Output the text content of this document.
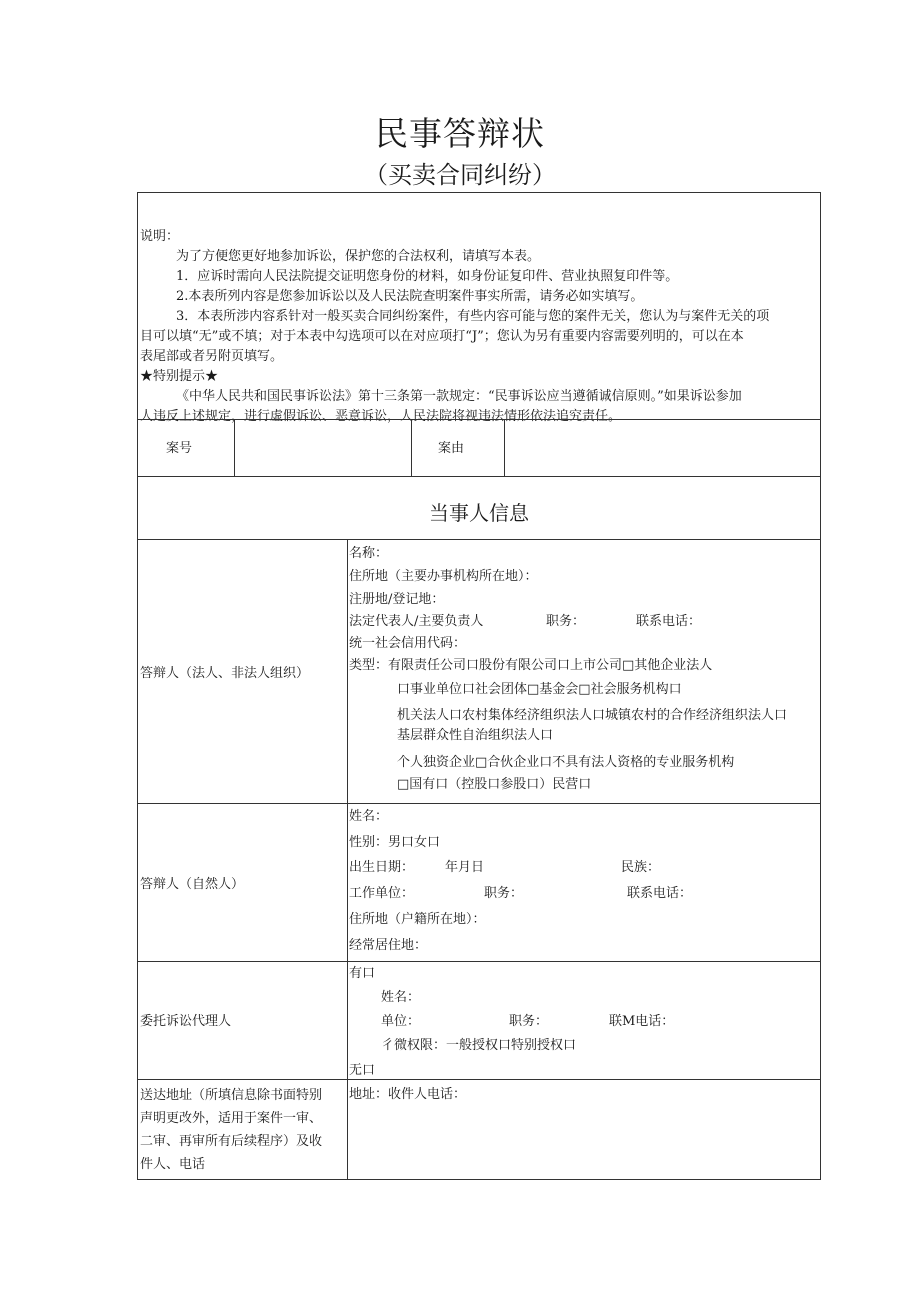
民事答辩状
（买卖合同纠纷）

说明：

为了方便您更好地参加诉讼，保护您的合法权利，请填写本表。

1．应诉时需向人民法院提交证明您身份的材料，如身份证复印件、营业执照复印件等。

2.本表所列内容是您参加诉讼以及人民法院查明案件事实所需，请务必如实填写。

3．本表所涉内容系针对一般买卖合同纠纷案件，有些内容可能与您的案件无关，您认为与案件无关的项

目可以填“无”或不填；对于本表中勾选项可以在对应项打“J”；您认为另有重要内容需要列明的，可以在本

表尾部或者另附页填写。

★特别提示★

《中华人民共和国民事诉讼法》第十三条第一款规定：“民事诉讼应当遵循诚信原则。”如果诉讼参加

人违反上述规定，进行虚假诉讼、恶意诉讼，人民法院将视违法情形依法追究责任。

案号	案由
当事人信息
答辩人（法人、非法人组织）
名称：
住所地（主要办事机构所在地）：
注册地/登记地：
法定代表人/主要负责人	职务：	联系电话：
统一社会信用代码：
类型：有限责任公司口股份有限公司口上市公司□其他企业法人
口事业单位口社会团体□基金会□社会服务机构口
机关法人口农村集体经济组织法人口城镇农村的合作经济组织法人口
基层群众性自治组织法人口
个人独资企业□合伙企业口不具有法人资格的专业服务机构
□国有口（控股口参股口）民营口
答辩人（自然人）
姓名：
性别：男口女口
出生日期： 年月日	民族：
工作单位：	职务：	联系电话：
住所地（户籍所在地）：
经常居住地：
委托诉讼代理人
有口
姓名：
单位：	职务：	联M电话：
彳微权限：一般授权口特别授权口
无口
送达地址（所填信息除书面特别
声明更改外，适用于案件一审、
二审、再审所有后续程序）及收
件人、电话
地址：收件人电话：
